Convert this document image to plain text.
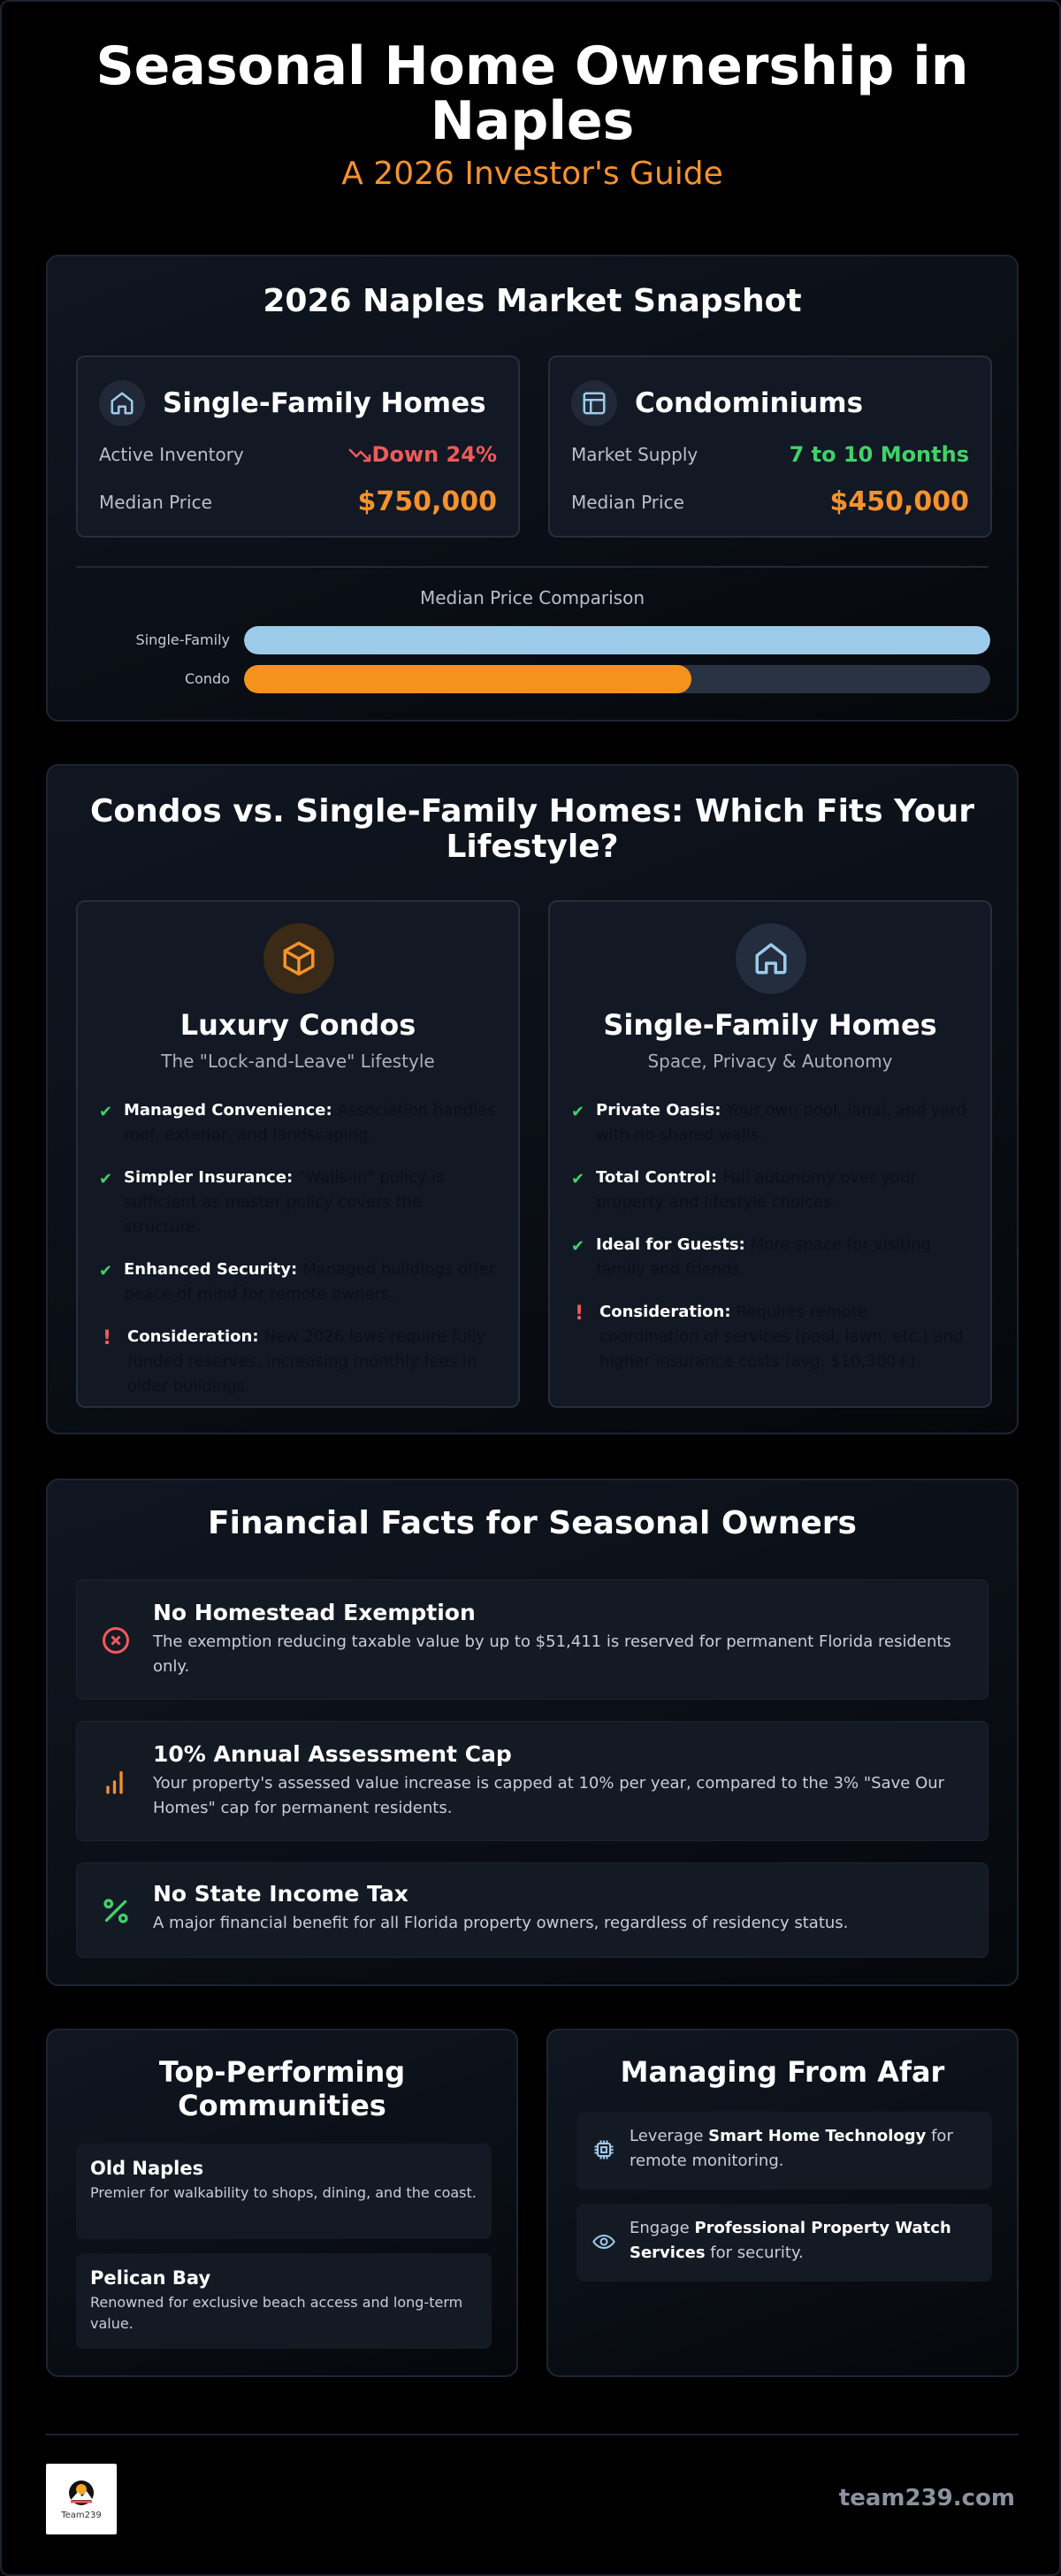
Seasonal Home Ownership in Naples
A 2026 Investor's Guide
2026 Naples Market Snapshot
Single-Family Homes
Active Inventory	Down 24%
Median Price	$750,000
Condominiums
Market Supply	7 to 10 Months
Median Price	$450,000
Median Price Comparison
Single-Family
Condo
Condos vs. Single-Family Homes: Which Fits Your Lifestyle?
Luxury Condos
The "Lock-and-Leave" Lifestyle
✔ Managed Convenience: Association handles roof, exterior, and landscaping.
✔ Simpler Insurance: "Walls-in" policy is sufficient as master policy covers the structure.
✔ Enhanced Security: Managed buildings offer peace of mind for remote owners.
! Consideration: New 2026 laws require fully funded reserves, increasing monthly fees in older buildings.
Single-Family Homes
Space, Privacy & Autonomy
✔ Private Oasis: Your own pool, lanai, and yard with no shared walls.
✔ Total Control: Full autonomy over your property and lifestyle choices.
✔ Ideal for Guests: More space for visiting family and friends.
! Consideration: Requires remote coordination of services (pool, lawn, etc.) and higher insurance costs (avg. $10,300+).
Financial Facts for Seasonal Owners
No Homestead Exemption
The exemption reducing taxable value by up to $51,411 is reserved for permanent Florida residents only.
10% Annual Assessment Cap
Your property's assessed value increase is capped at 10% per year, compared to the 3% "Save Our Homes" cap for permanent residents.
No State Income Tax
A major financial benefit for all Florida property owners, regardless of residency status.
Top-Performing Communities
Old Naples
Premier for walkability to shops, dining, and the coast.
Pelican Bay
Renowned for exclusive beach access and long-term value.
Managing From Afar
Leverage Smart Home Technology for remote monitoring.
Engage Professional Property Watch Services for security.
Team239
team239.com
